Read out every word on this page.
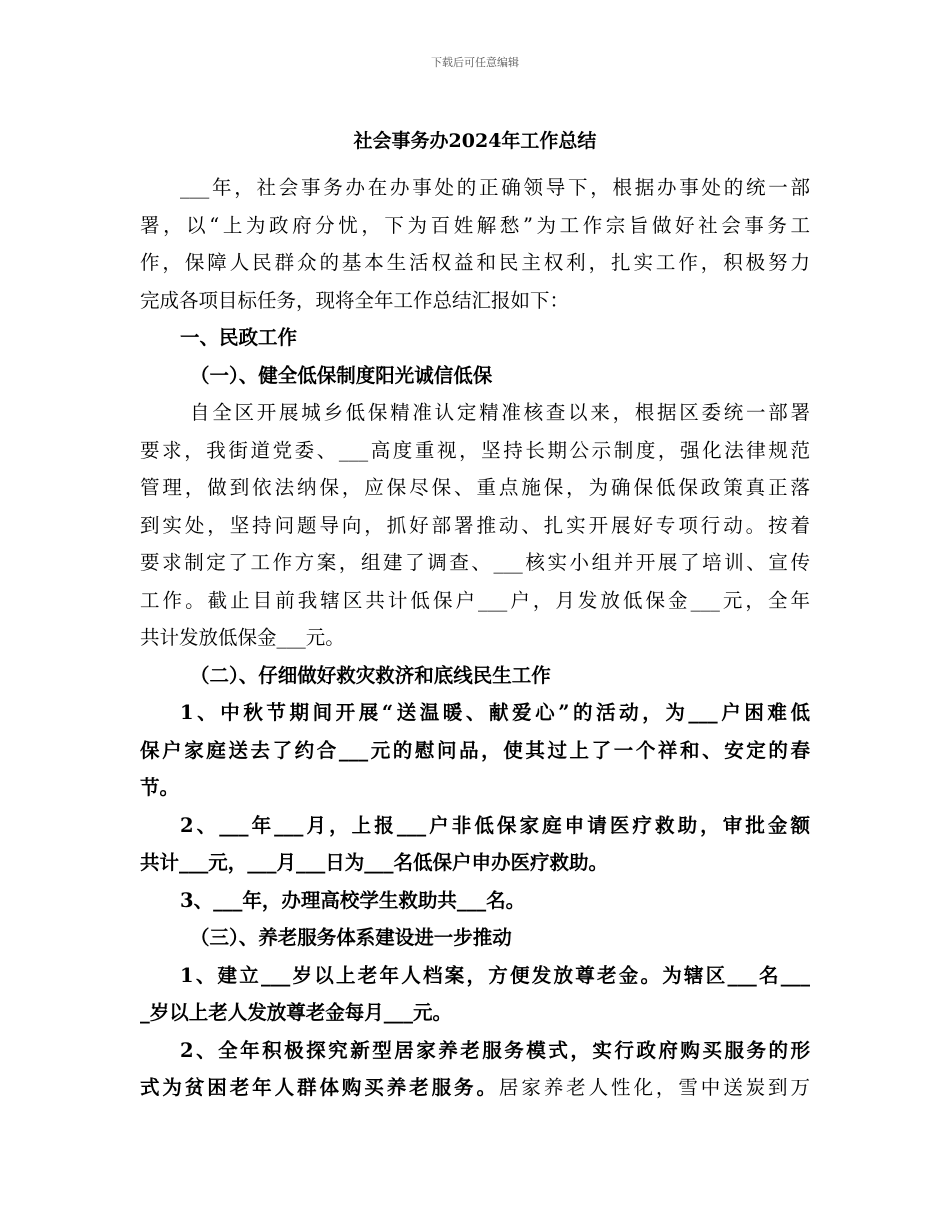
下载后可任意编辑
社会事务办2024年工作总结
___年，社会事务办在办事处的正确领导下，根据办事处的统一部
署，以“上为政府分忧，下为百姓解愁”为工作宗旨做好社会事务工
作，保障人民群众的基本生活权益和民主权利，扎实工作，积极努力
完成各项目标任务，现将全年工作总结汇报如下：
一、民政工作
（一）、健全低保制度阳光诚信低保
自全区开展城乡低保精准认定精准核查以来，根据区委统一部署
要求，我街道党委、___高度重视，坚持长期公示制度，强化法律规范
管理，做到依法纳保，应保尽保、重点施保，为确保低保政策真正落
到实处，坚持问题导向，抓好部署推动、扎实开展好专项行动。按着
要求制定了工作方案，组建了调查、___核实小组并开展了培训、宣传
工作。截止目前我辖区共计低保户___户，月发放低保金___元，全年
共计发放低保金___元。
（二）、仔细做好救灾救济和底线民生工作
1、中秋节期间开展“送温暖、献爱心”的活动，为___户困难低
保户家庭送去了约合___元的慰问品，使其过上了一个祥和、安定的春
节。
2、___年___月，上报___户非低保家庭申请医疗救助，审批金额
共计___元，___月___日为___名低保户申办医疗救助。
3、___年，办理高校学生救助共___名。
（三）、养老服务体系建设进一步推动
1、建立___岁以上老年人档案，方便发放尊老金。为辖区___名___
_岁以上老人发放尊老金每月___元。
2、全年积极探究新型居家养老服务模式，实行政府购买服务的形
式为贫困老年人群体购买养老服务。居家养老人性化，雪中送炭到万
